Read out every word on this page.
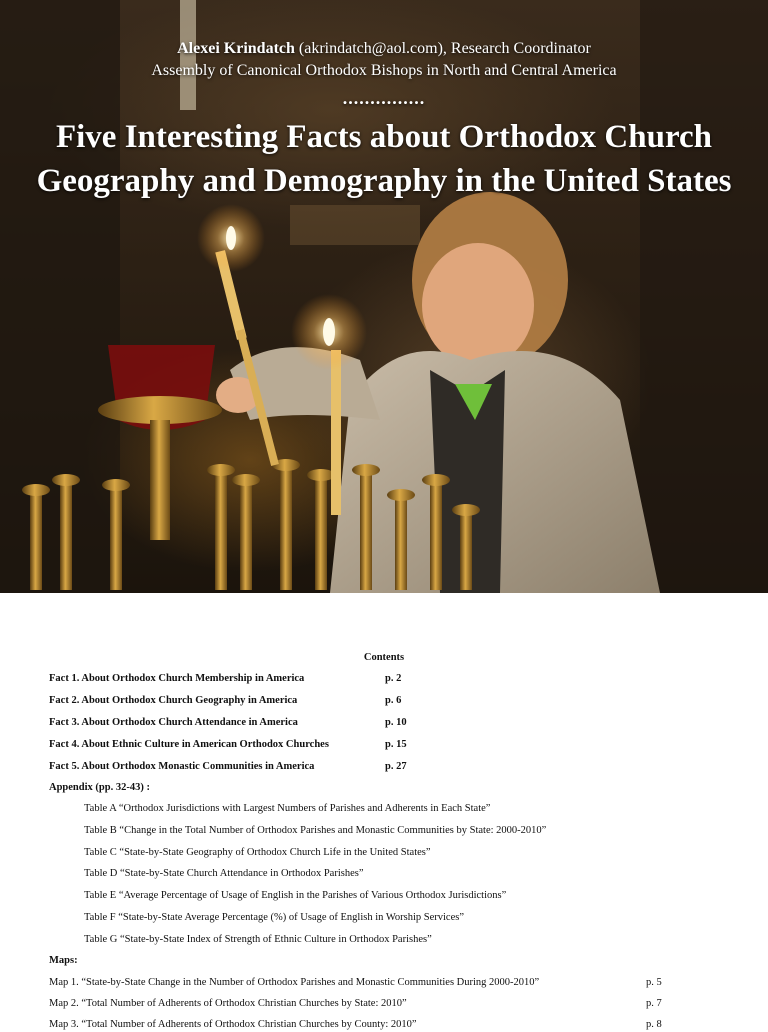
Alexei Krindatch (akrindatch@aol.com), Research Coordinator
Assembly of Canonical Orthodox Bishops in North and Central America
...............
Five Interesting Facts about Orthodox Church
Geography and Demography in the United States
Contents
Fact 1. About Orthodox Church Membership in America	p. 2
Fact 2. About Orthodox Church Geography in America	p. 6
Fact 3. About Orthodox Church Attendance in America	p. 10
Fact 4. About Ethnic Culture in American Orthodox Churches	p. 15
Fact 5. About Orthodox Monastic Communities in America	p. 27
Appendix (pp. 32-43) :
Table A “Orthodox Jurisdictions with Largest Numbers of Parishes and Adherents in Each State”
Table B “Change in the Total Number of Orthodox Parishes and Monastic Communities by State: 2000-2010”
Table C “State-by-State Geography of Orthodox Church Life in the United States”
Table D “State-by-State Church Attendance in Orthodox Parishes”
Table E “Average Percentage of Usage of English in the Parishes of Various Orthodox Jurisdictions”
Table F “State-by-State Average Percentage (%) of Usage of English in Worship Services”
Table G “State-by-State Index of Strength of Ethnic Culture in Orthodox Parishes”
Maps:
Map 1. “State-by-State Change in the Number of Orthodox Parishes and Monastic Communities During 2000-2010”	p. 5
Map 2. “Total Number of Adherents of Orthodox Christian Churches by State: 2010”	p. 7
Map 3. “Total Number of Adherents of Orthodox Christian Churches by County: 2010”	p. 8
